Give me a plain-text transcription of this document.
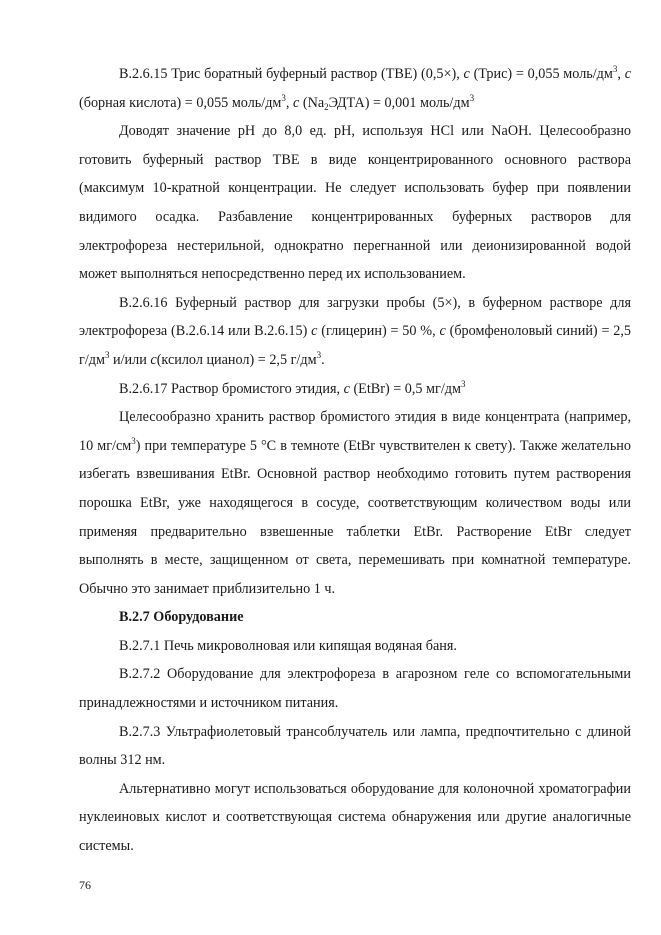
В.2.6.15 Трис боратный буферный раствор (TBE) (0,5×), c (Трис) = 0,055 моль/$дм^3$, c (борная кислота) = 0,055 моль/$дм^3$, c $(Na_2ЭДТА) = 0,001$ моль/$дм^3$

Доводят значение pH до 8,0 ед. pH, используя HCl или NaOH. Целесообразно готовить буферный раствор TBE в виде концентрированного основного раствора (максимум 10-кратной концентрации. Не следует использовать буфер при появлении видимого осадка. Разбавление концентрированных буферных растворов для электрофореза нестерильной, однократно перегнанной или деионизированной водой может выполняться непосредственно перед их использованием.

В.2.6.16 Буферный раствор для загрузки пробы (5×), в буферном растворе для электрофореза (В.2.6.14 или В.2.6.15) c (глицерин) = 50 %, c (бромфеноловый синий) = 2,5 $г/дм^3$ и/или c(ксилол цианол) = 2,5 $г/дм^3$.

В.2.6.17 Раствор бромистого этидия, c (EtBr) = 0,5 $мг/дм^3$

Целесообразно хранить раствор бромистого этидия в виде концентрата (например, 10 $мг/см^3$) при температуре 5 °С в темноте (EtBr чувствителен к свету). Также желательно избегать взвешивания EtBr. Основной раствор необходимо готовить путем растворения порошка EtBr, уже находящегося в сосуде, соответствующим количеством воды или применяя предварительно взвешенные таблетки EtBr. Растворение EtBr следует выполнять в месте, защищенном от света, перемешивать при комнатной температуре. Обычно это занимает приблизительно 1 ч.

В.2.7 Оборудование

В.2.7.1 Печь микроволновая или кипящая водяная баня.

В.2.7.2 Оборудование для электрофореза в агарозном геле со вспомогательными принадлежностями и источником питания.

В.2.7.3 Ультрафиолетовый трансоблучатель или лампа, предпочтительно с длиной волны 312 нм.

Альтернативно могут использоваться оборудование для колоночной хроматографии нуклеиновых кислот и соответствующая система обнаружения или другие аналогичные системы.

76
